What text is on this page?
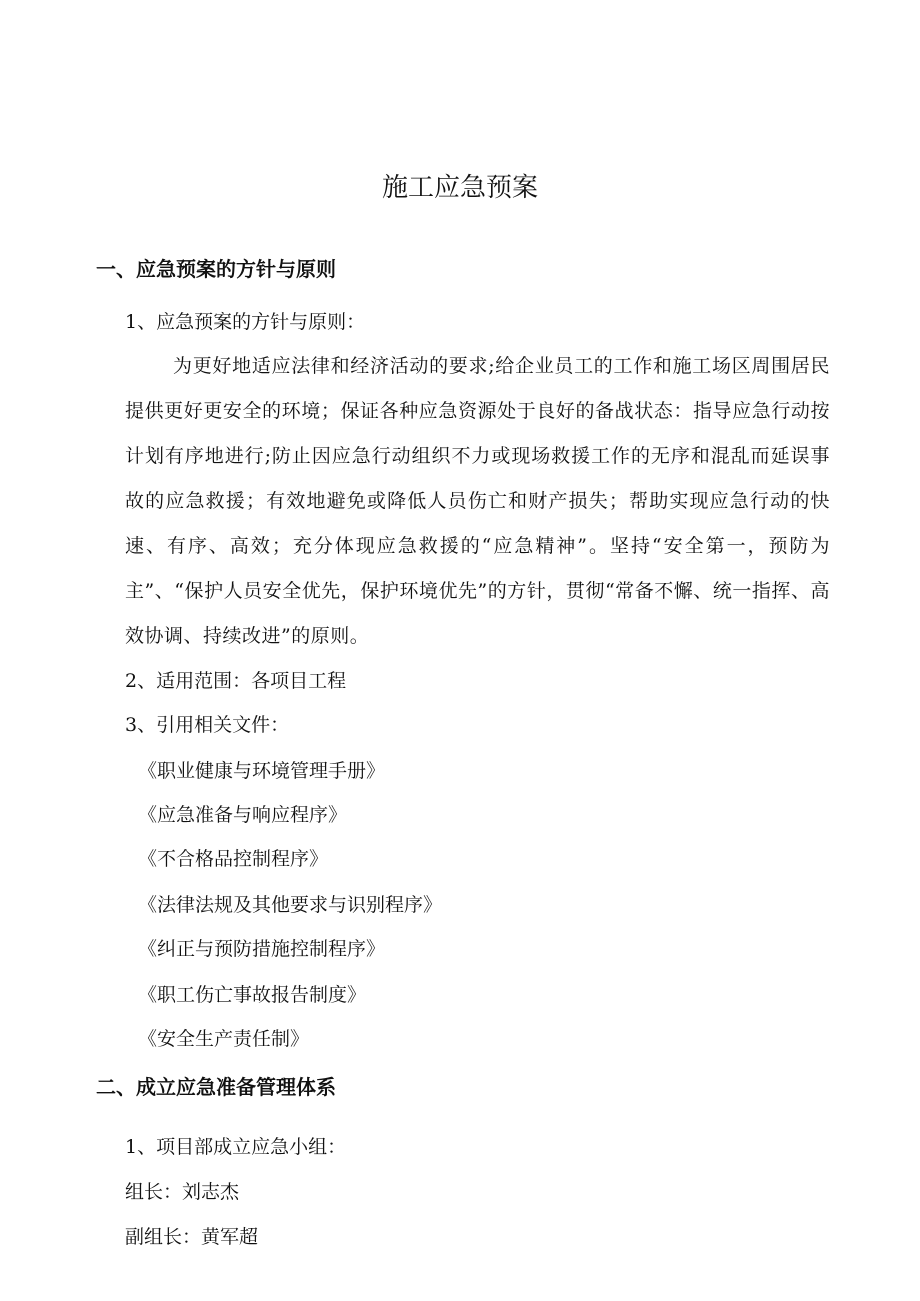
施工应急预案
一、应急预案的方针与原则

1、应急预案的方针与原则：

为更好地适应法律和经济活动的要求;给企业员工的工作和施工场区周围居民提供更好更安全的环境；保证各种应急资源处于良好的备战状态：指导应急行动按计划有序地进行;防止因应急行动组织不力或现场救援工作的无序和混乱而延误事故的应急救援；有效地避免或降低人员伤亡和财产损失；帮助实现应急行动的快速、有序、高效；充分体现应急救援的“应急精神”。坚持“安全第一，预防为主”、“保护人员安全优先，保护环境优先”的方针，贯彻“常备不懈、统一指挥、高效协调、持续改进”的原则。

2、适用范围：各项目工程

3、引用相关文件：

《职业健康与环境管理手册》
《应急准备与响应程序》
《不合格品控制程序》
《法律法规及其他要求与识别程序》
《纠正与预防措施控制程序》
《职工伤亡事故报告制度》
《安全生产责任制》
二、成立应急准备管理体系

1、项目部成立应急小组：

组长：刘志杰

副组长：黄军超
